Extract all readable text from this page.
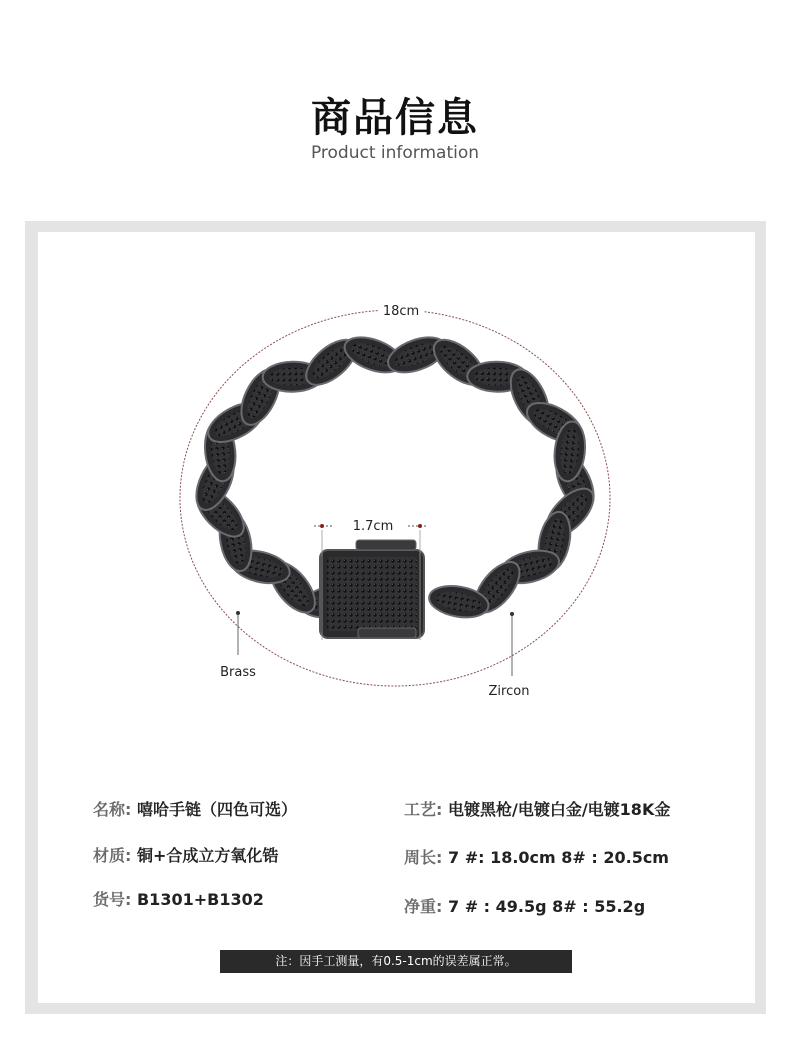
商品信息
Product information
18cm
1.7cm
Brass
Zircon
名称: 嘻哈手链（四色可选）	工艺: 电镀黑枪/电镀白金/电镀18K金
材质: 铜+合成立方氧化锆	周长: 7 #: 18.0cm 8# : 20.5cm
货号: B1301+B1302	净重: 7 # : 49.5g 8# : 55.2g
注：因手工测量，有0.5-1cm的误差属正常。
